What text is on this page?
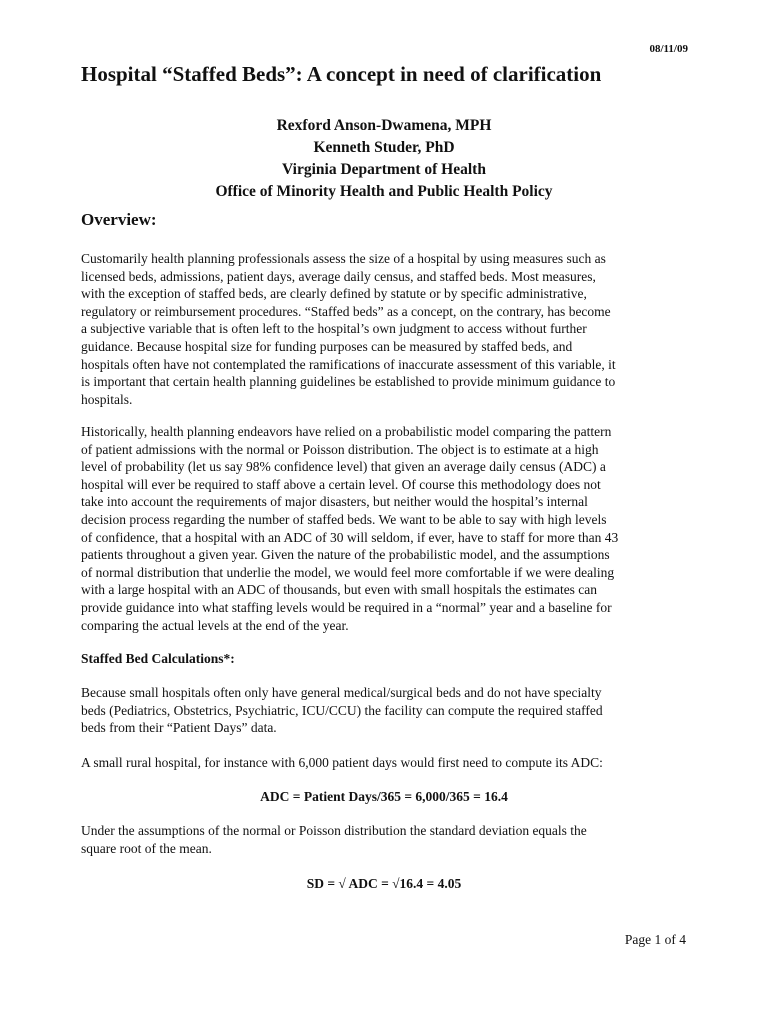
08/11/09
Hospital “Staffed Beds”: A concept in need of clarification
Rexford Anson-Dwamena, MPH
Kenneth Studer, PhD
Virginia Department of Health
Office of Minority Health and Public Health Policy
Overview:
Customarily health planning professionals assess the size of a hospital by using measures such as
licensed beds, admissions, patient days, average daily census, and staffed beds. Most measures,
with the exception of staffed beds, are clearly defined by statute or by specific administrative,
regulatory or reimbursement procedures. “Staffed beds” as a concept, on the contrary, has become
a subjective variable that is often left to the hospital’s own judgment to access without further
guidance. Because hospital size for funding purposes can be measured by staffed beds, and
hospitals often have not contemplated the ramifications of inaccurate assessment of this variable, it
is important that certain health planning guidelines be established to provide minimum guidance to
hospitals.
Historically, health planning endeavors have relied on a probabilistic model comparing the pattern
of patient admissions with the normal or Poisson distribution. The object is to estimate at a high
level of probability (let us say 98% confidence level) that given an average daily census (ADC) a
hospital will ever be required to staff above a certain level. Of course this methodology does not
take into account the requirements of major disasters, but neither would the hospital’s internal
decision process regarding the number of staffed beds. We want to be able to say with high levels
of confidence, that a hospital with an ADC of 30 will seldom, if ever, have to staff for more than 43
patients throughout a given year. Given the nature of the probabilistic model, and the assumptions
of normal distribution that underlie the model, we would feel more comfortable if we were dealing
with a large hospital with an ADC of thousands, but even with small hospitals the estimates can
provide guidance into what staffing levels would be required in a “normal” year and a baseline for
comparing the actual levels at the end of the year.
Staffed Bed Calculations*:
Because small hospitals often only have general medical/surgical beds and do not have specialty
beds (Pediatrics, Obstetrics, Psychiatric, ICU/CCU) the facility can compute the required staffed
beds from their “Patient Days” data.
A small rural hospital, for instance with 6,000 patient days would first need to compute its ADC:
ADC = Patient Days/365 = 6,000/365 = 16.4
Under the assumptions of the normal or Poisson distribution the standard deviation equals the
square root of the mean.
SD = √ ADC = √16.4 = 4.05
Page 1 of 4
